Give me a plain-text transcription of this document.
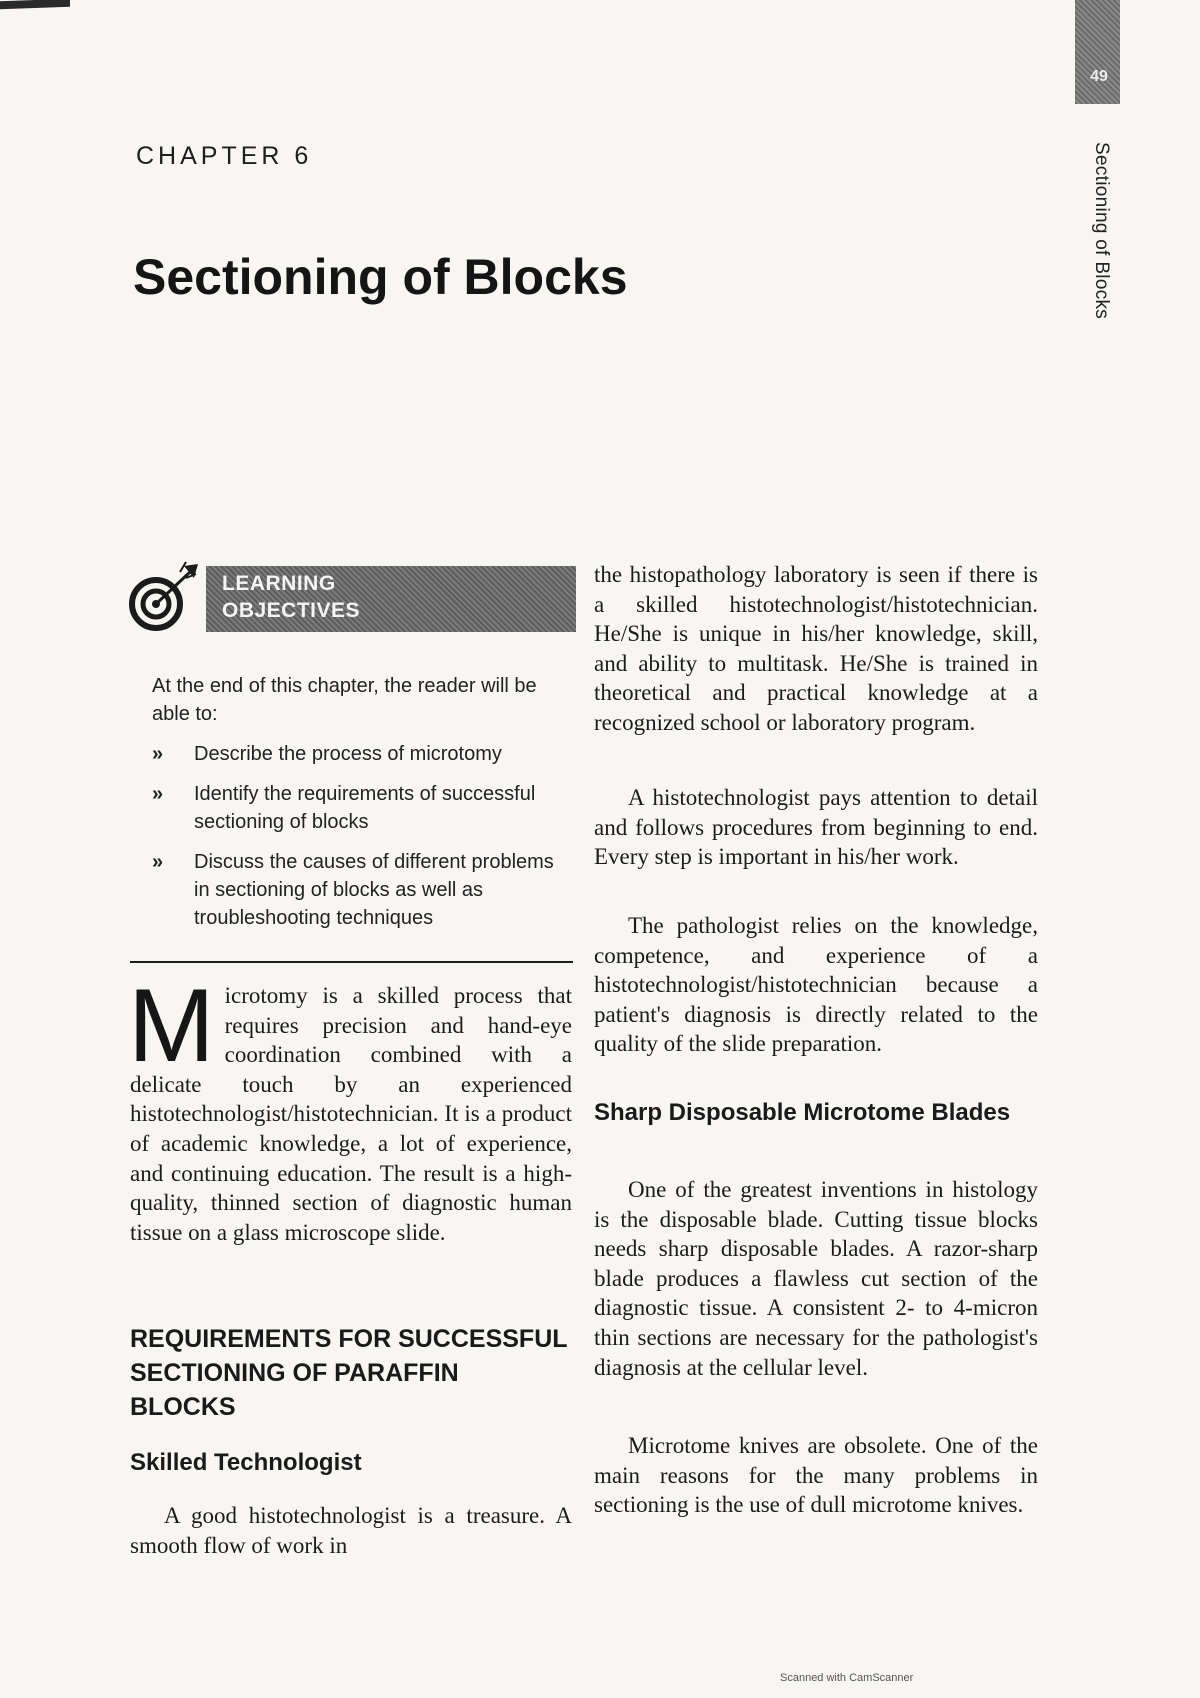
49
Sectioning of Blocks
CHAPTER 6
Sectioning of Blocks
LEARNING
OBJECTIVES

At the end of this chapter, the reader will be able to:

» Describe the process of microtomy
» Identify the requirements of successful sectioning of blocks
» Discuss the causes of different problems in sectioning of blocks as well as troubleshooting techniques
M icrotomy is a skilled process that requires precision and hand-eye coordination combined with a delicate touch by an experienced histotechnologist/histotechnician. It is a product of academic knowledge, a lot of experience, and continuing education. The result is a high-quality, thinned section of diagnostic human tissue on a glass microscope slide.
REQUIREMENTS FOR SUCCESSFUL SECTIONING OF PARAFFIN BLOCKS
Skilled Technologist

A good histotechnologist is a treasure. A smooth flow of work in

the histopathology laboratory is seen if there is a skilled histotechnologist/histotechnician. He/She is unique in his/her knowledge, skill, and ability to multitask. He/She is trained in theoretical and practical knowledge at a recognized school or laboratory program.

A histotechnologist pays attention to detail and follows procedures from beginning to end. Every step is important in his/her work.

The pathologist relies on the knowledge, competence, and experience of a histotechnologist/histotechnician because a patient's diagnosis is directly related to the quality of the slide preparation.

Sharp Disposable Microtome Blades

One of the greatest inventions in histology is the disposable blade. Cutting tissue blocks needs sharp disposable blades. A razor-sharp blade produces a flawless cut section of the diagnostic tissue. A consistent 2- to 4-micron thin sections are necessary for the pathologist's diagnosis at the cellular level.

Microtome knives are obsolete. One of the main reasons for the many problems in sectioning is the use of dull microtome knives.

Scanned with CamScanner
